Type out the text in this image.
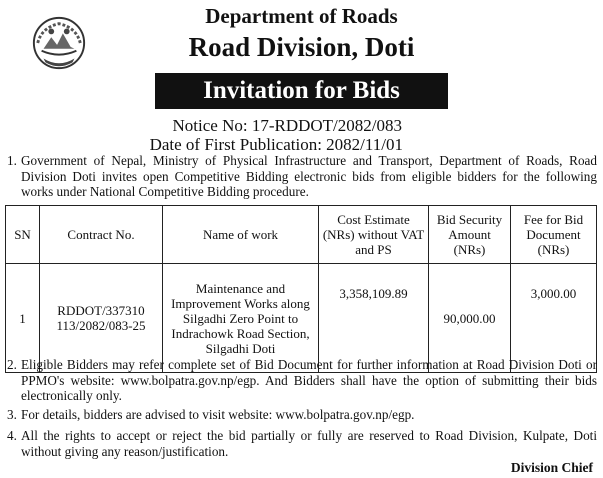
Department of Roads
Road Division, Doti
Invitation for Bids
Notice No: 17-RDDOT/2082/083
Date of First Publication: 2082/11/01
1. Government of Nepal, Ministry of Physical Infrastructure and Transport, Department of Roads, Road Division Doti invites open Competitive Bidding electronic bids from eligible bidders for the following works under National Competitive Bidding procedure.
SN	Contract No.	Name of work	Cost Estimate (NRs) without VAT and PS	Bid Security Amount (NRs)	Fee for Bid Document (NRs)
1	RDDOT/337310 113/2082/083-25	Maintenance and Improvement Works along Silgadhi Zero Point to Indrachowk Road Section, Silgadhi Doti	3,358,109.89	90,000.00	3,000.00
2. Eligible Bidders may refer complete set of Bid Document for further information at Road Division Doti or PPMO's website: www.bolpatra.gov.np/egp. And Bidders shall have the option of submitting their bids electronically only.
3. For details, bidders are advised to visit website: www.bolpatra.gov.np/egp.
4. All the rights to accept or reject the bid partially or fully are reserved to Road Division, Kulpate, Doti without giving any reason/justification.
Division Chief
